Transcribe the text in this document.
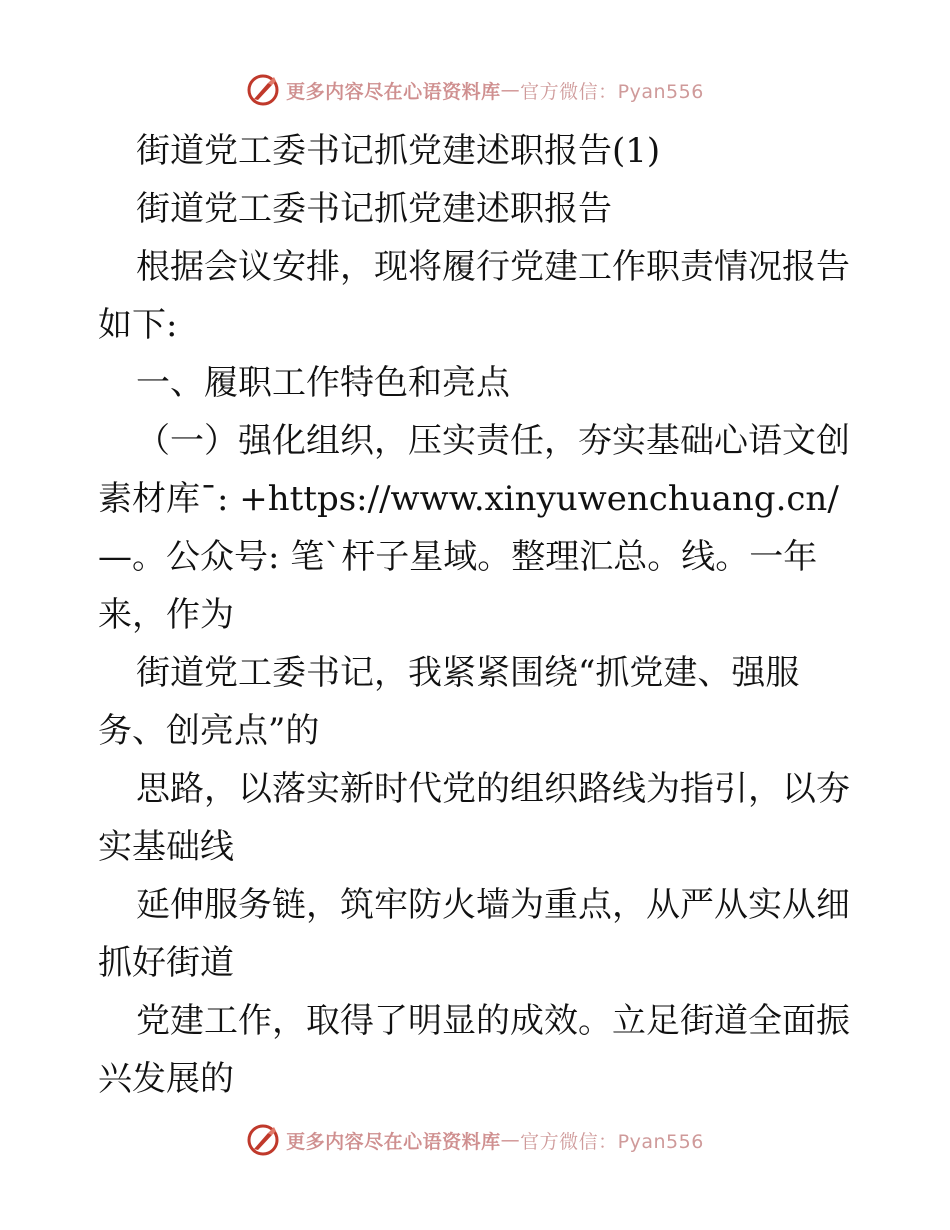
更多内容尽在心语资料库 — 官方微信：Pyan556

街道党工委书记抓党建述职报告(1)

街道党工委书记抓党建述职报告

根据会议安排，现将履行党建工作职责情况报告如下:

一、履职工作特色和亮点

（一）强化组织，压实责任，夯实基础心语文创素材库¯: +https://www.xinyuwenchuang.cn/—。公众号: 笔`杆子星域。整理汇总。线。一年来，作为

街道党工委书记，我紧紧围绕“抓党建、强服务、创亮点”的

思路，以落实新时代党的组织路线为指引，以夯实基础线

延伸服务链，筑牢防火墙为重点，从严从实从细抓好街道

党建工作，取得了明显的成效。立足街道全面振兴发展的

更多内容尽在心语资料库 — 官方微信：Pyan556
